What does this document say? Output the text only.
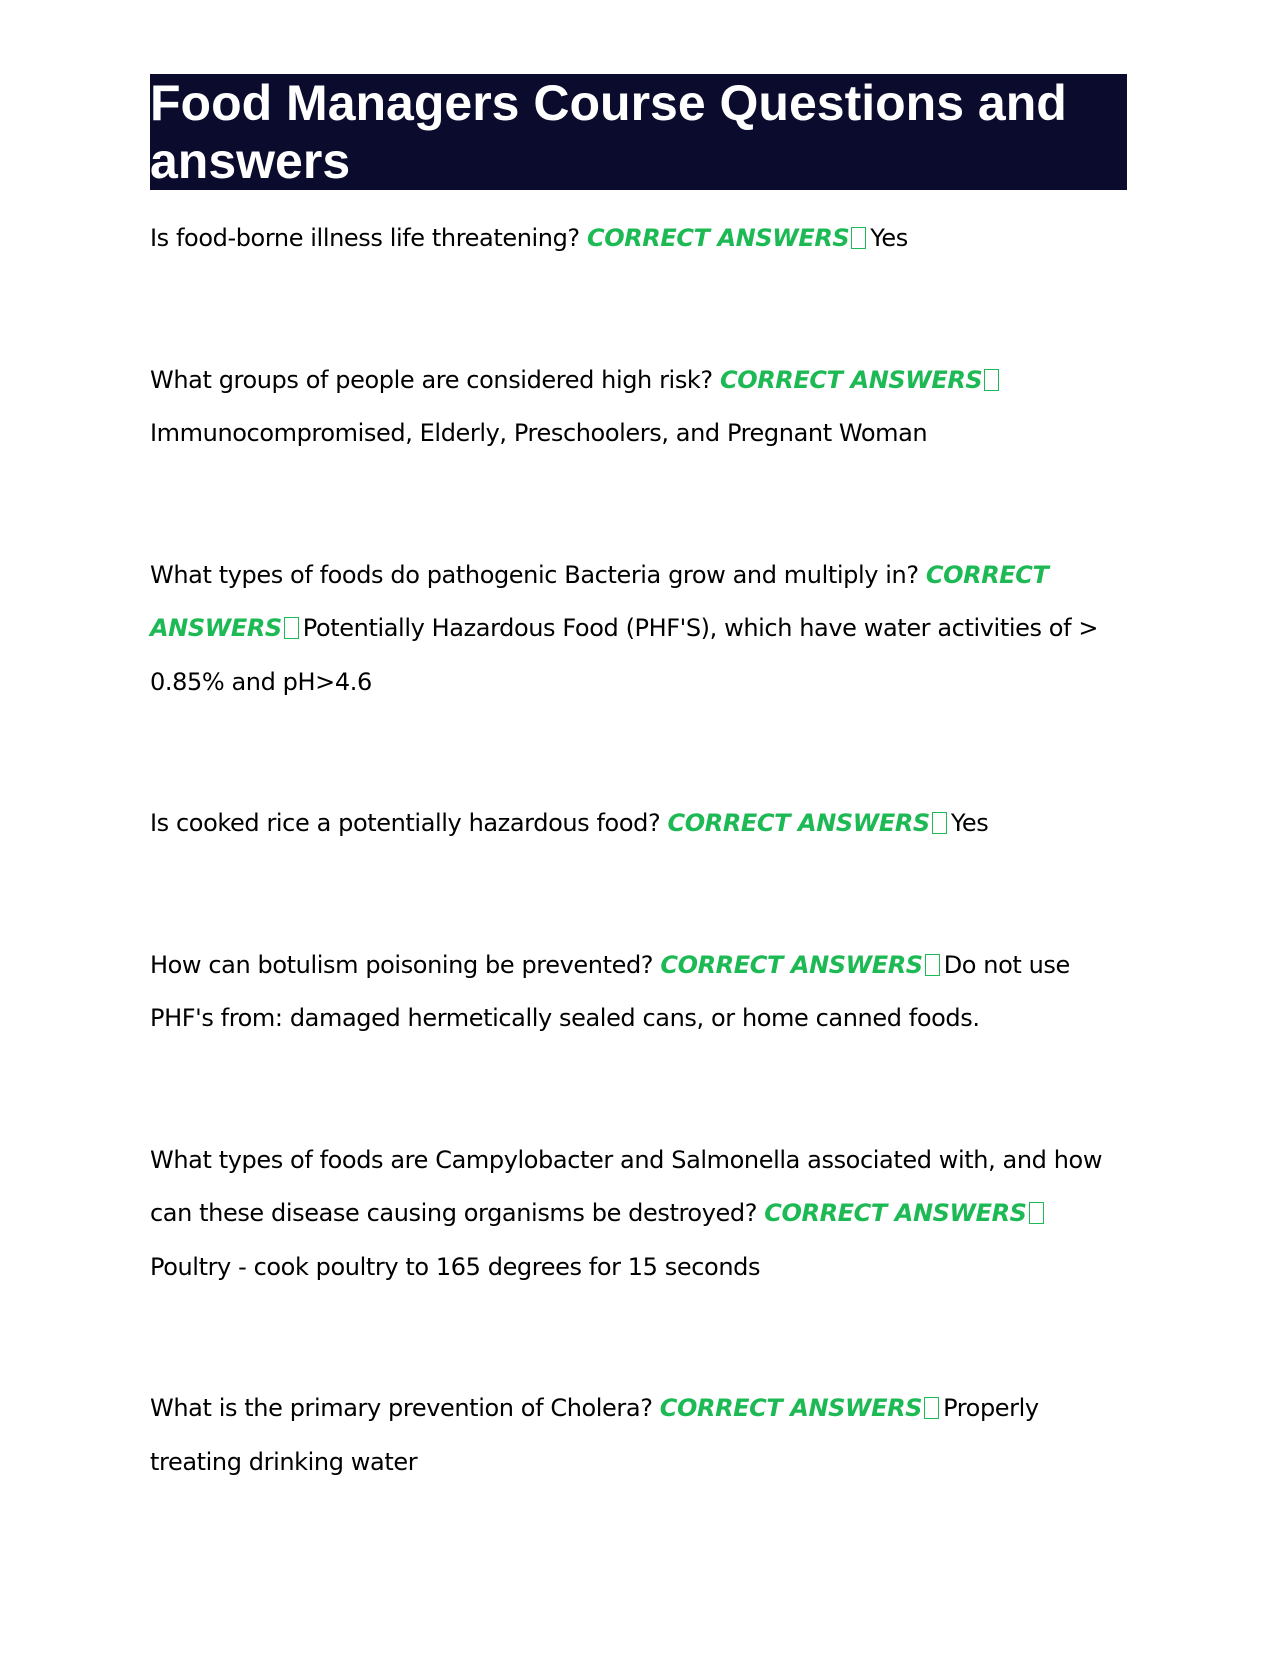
Food Managers Course Questions and answers
Is food-borne illness life threatening? CORRECT ANSWERS Yes
What groups of people are considered high risk? CORRECT ANSWERSImmunocompromised, Elderly, Preschoolers, and Pregnant Woman
What types of foods do pathogenic Bacteria grow and multiply in? CORRECT ANSWERS Potentially Hazardous Food (PHF'S), which have water activities of > 0.85% and pH>4.6
Is cooked rice a potentially hazardous food? CORRECT ANSWERS Yes
How can botulism poisoning be prevented? CORRECT ANSWERS Do not use PHF's from: damaged hermetically sealed cans, or home canned foods.
What types of foods are Campylobacter and Salmonella associated with, and how can these disease causing organisms be destroyed? CORRECT ANSWERSPoultry - cook poultry to 165 degrees for 15 seconds
What is the primary prevention of Cholera? CORRECT ANSWERS Properly treating drinking water
